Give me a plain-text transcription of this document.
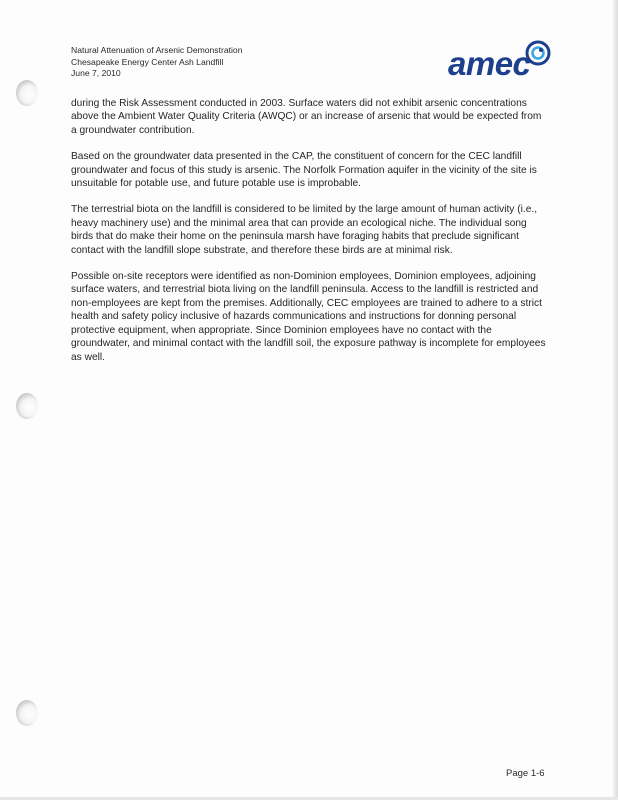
Natural Attenuation of Arsenic Demonstration
Chesapeake Energy Center Ash Landfill
June 7, 2010	amec

during the Risk Assessment conducted in 2003. Surface waters did not exhibit arsenic concentrations above the Ambient Water Quality Criteria (AWQC) or an increase of arsenic that would be expected from a groundwater contribution.

Based on the groundwater data presented in the CAP, the constituent of concern for the CEC landfill groundwater and focus of this study is arsenic. The Norfolk Formation aquifer in the vicinity of the site is unsuitable for potable use, and future potable use is improbable.

The terrestrial biota on the landfill is considered to be limited by the large amount of human activity (i.e., heavy machinery use) and the minimal area that can provide an ecological niche. The individual song birds that do make their home on the peninsula marsh have foraging habits that preclude significant contact with the landfill slope substrate, and therefore these birds are at minimal risk.

Possible on-site receptors were identified as non-Dominion employees, Dominion employees, adjoining surface waters, and terrestrial biota living on the landfill peninsula. Access to the landfill is restricted and non-employees are kept from the premises. Additionally, CEC employees are trained to adhere to a strict health and safety policy inclusive of hazards communications and instructions for donning personal protective equipment, when appropriate. Since Dominion employees have no contact with the groundwater, and minimal contact with the landfill soil, the exposure pathway is incomplete for employees as well.

Page 1-6
